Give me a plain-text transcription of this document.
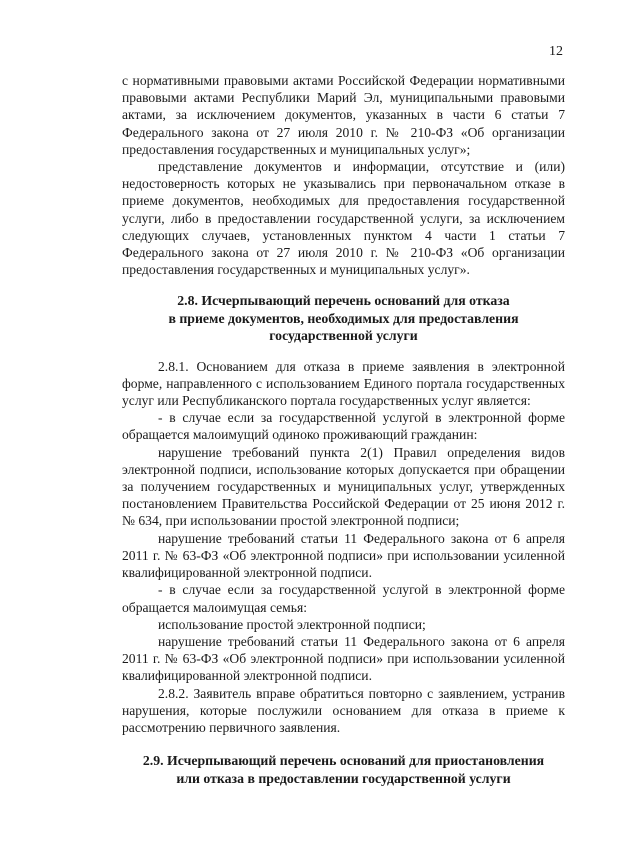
12

с нормативными правовыми актами Российской Федерации нормативными правовыми актами Республики Марий Эл, муниципальными правовыми актами, за исключением документов, указанных в части 6 статьи 7 Федерального закона от 27 июля 2010 г. № 210-ФЗ «Об организации предоставления государственных и муниципальных услуг»;

представление документов и информации, отсутствие и (или) недостоверность которых не указывались при первоначальном отказе в приеме документов, необходимых для предоставления государственной услуги, либо в предоставлении государственной услуги, за исключением следующих случаев, установленных пунктом 4 части 1 статьи 7 Федерального закона от 27 июля 2010 г. № 210-ФЗ «Об организации предоставления государственных и муниципальных услуг».

2.8. Исчерпывающий перечень оснований для отказа
в приеме документов, необходимых для предоставления
государственной услуги

2.8.1. Основанием для отказа в приеме заявления в электронной форме, направленного с использованием Единого портала государственных услуг или Республиканского портала государственных услуг является:

- в случае если за государственной услугой в электронной форме обращается малоимущий одиноко проживающий гражданин:

нарушение требований пункта 2(1) Правил определения видов электронной подписи, использование которых допускается при обращении за получением государственных и муниципальных услуг, утвержденных постановлением Правительства Российской Федерации от 25 июня 2012 г. № 634, при использовании простой электронной подписи;

нарушение требований статьи 11 Федерального закона от 6 апреля 2011 г. № 63-ФЗ «Об электронной подписи» при использовании усиленной квалифицированной электронной подписи.

- в случае если за государственной услугой в электронной форме обращается малоимущая семья:

использование простой электронной подписи;

нарушение требований статьи 11 Федерального закона от 6 апреля 2011 г. № 63-ФЗ «Об электронной подписи» при использовании усиленной квалифицированной электронной подписи.

2.8.2. Заявитель вправе обратиться повторно с заявлением, устранив нарушения, которые послужили основанием для отказа в приеме к рассмотрению первичного заявления.

2.9. Исчерпывающий перечень оснований для приостановления
или отказа в предоставлении государственной услуги
